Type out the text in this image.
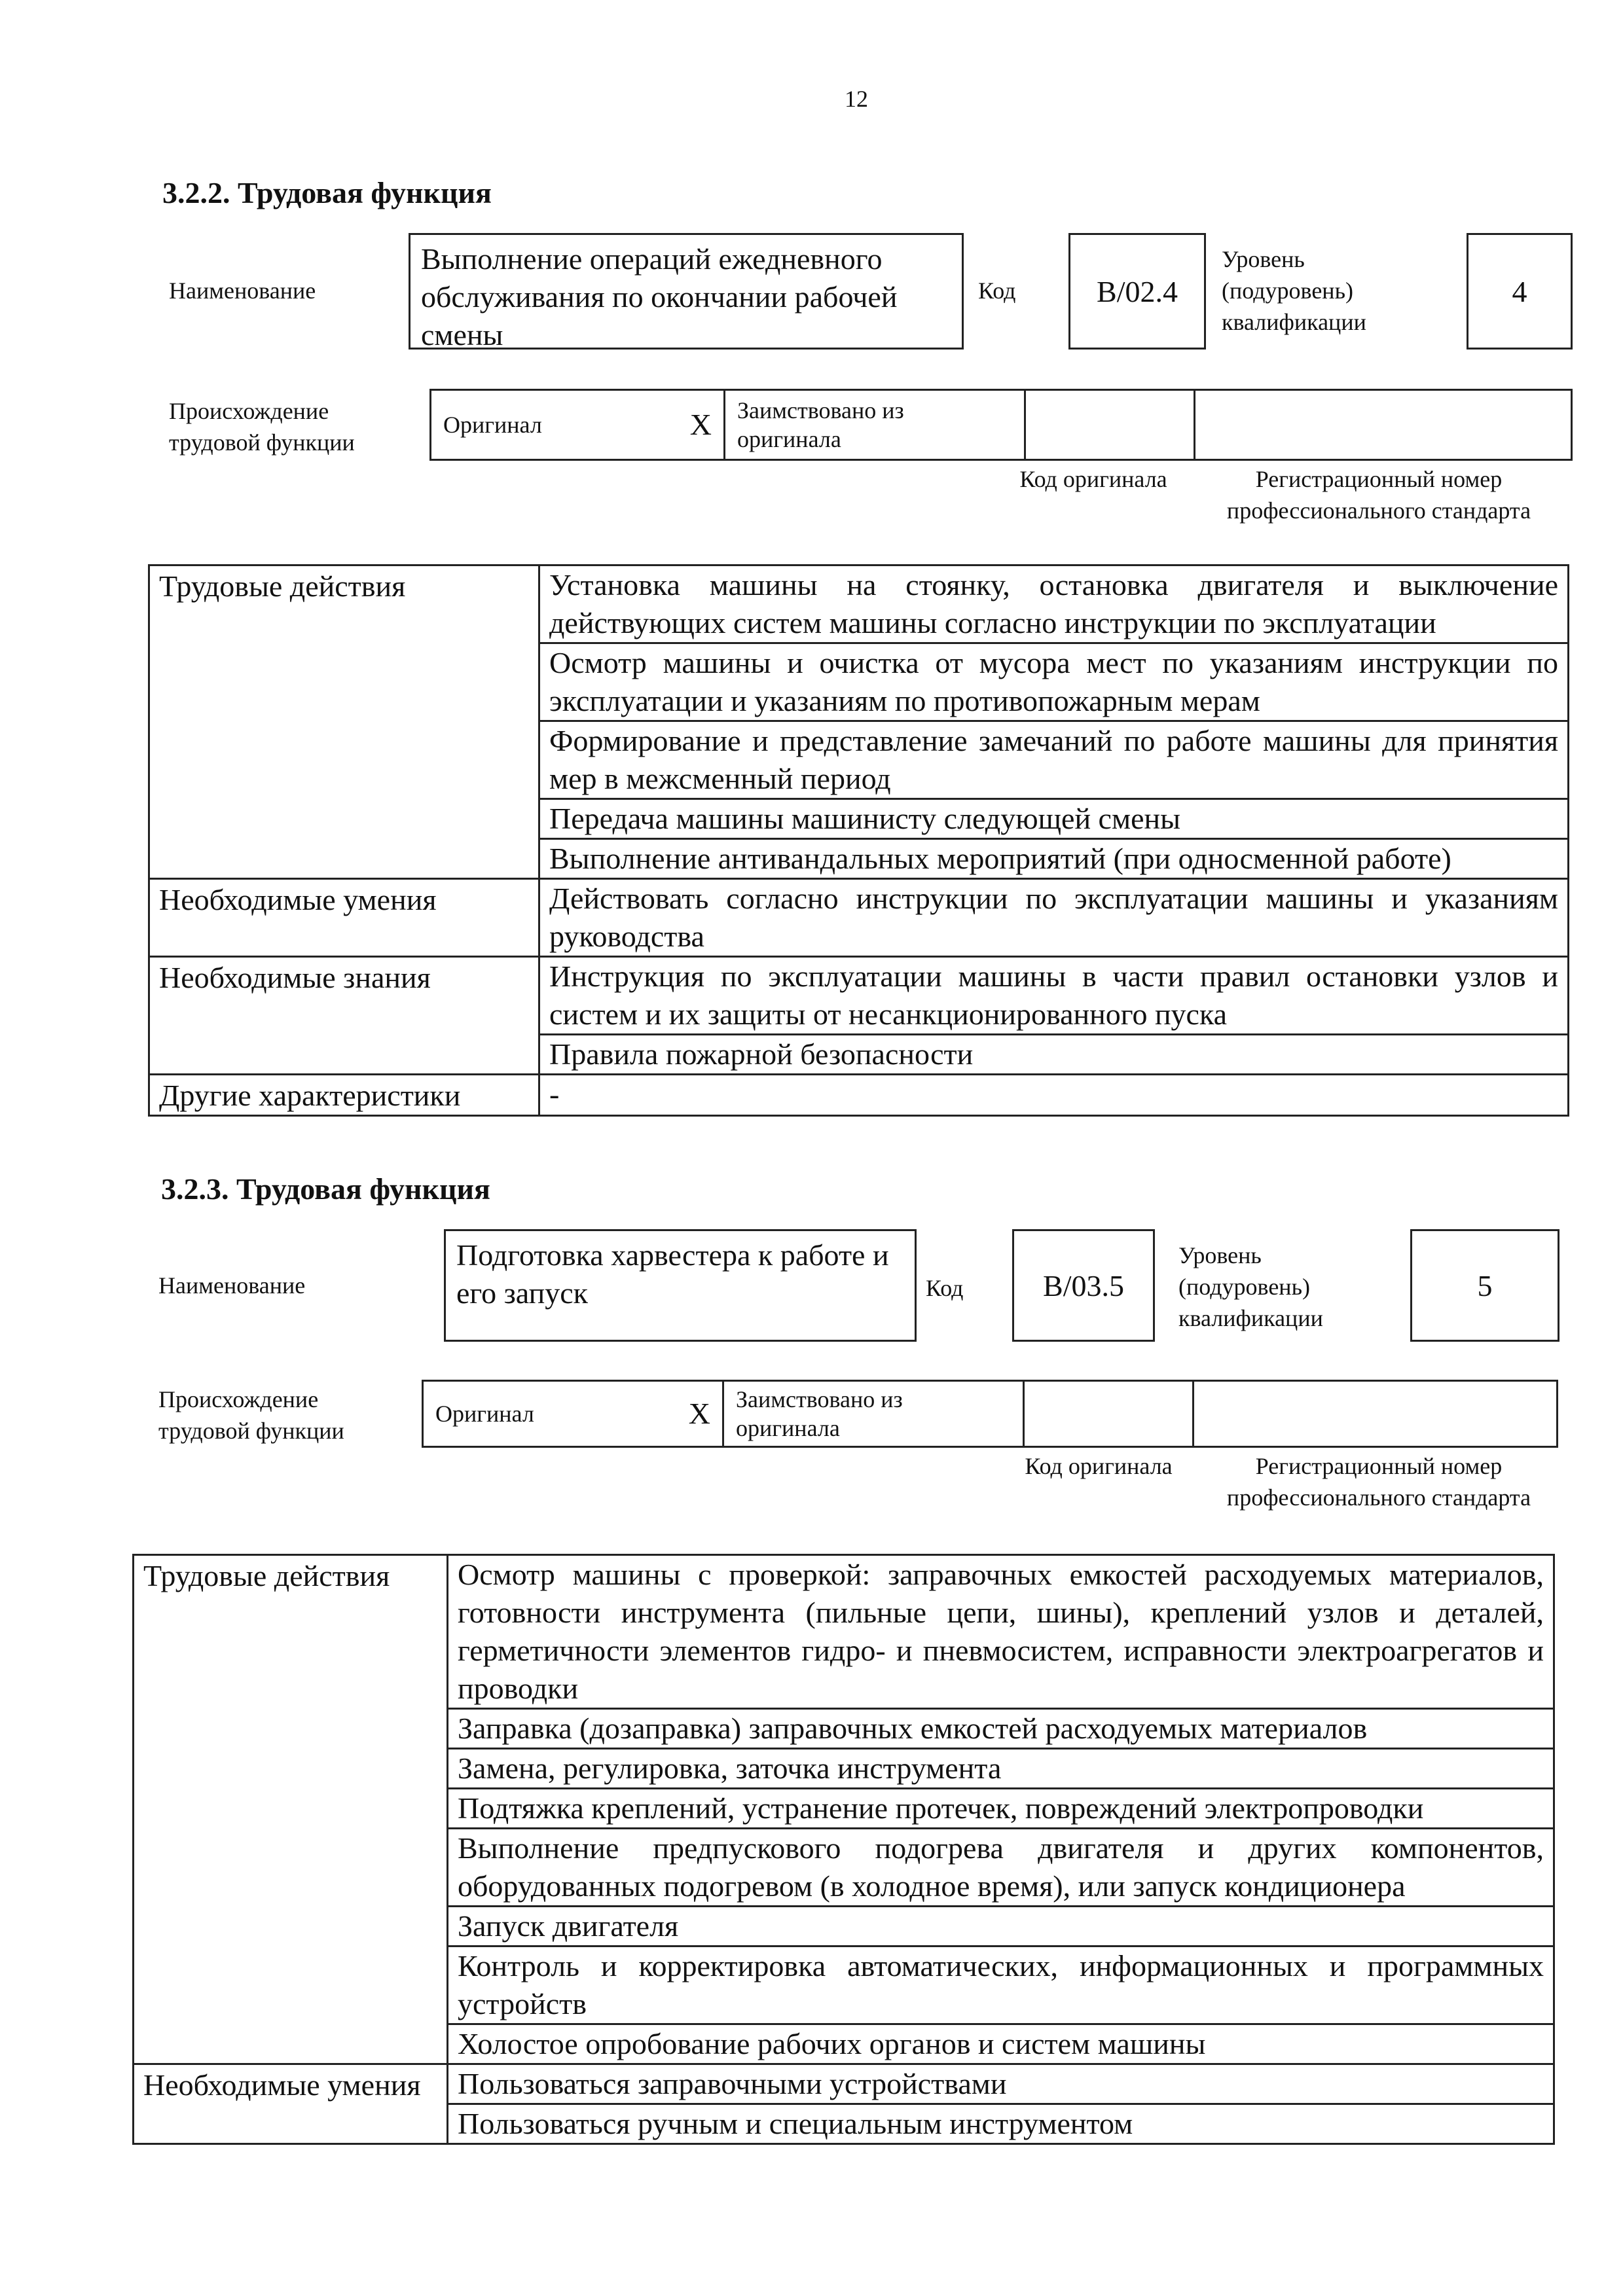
12
3.2.2. Трудовая функция
Наименование
Выполнение операций ежедневного обслуживания по окончании рабочей смены
Код	B/02.4
Уровень (подуровень) квалификации
4
Происхождение трудовой функции
Оригинал	X	Заимствовано из оригинала		
Код оригинала	Регистрационный номер профессионального стандарта
Трудовые действия	Установка машины на стоянку, остановка двигателя и выключение действующих систем машины согласно инструкции по эксплуатации
	Осмотр машины и очистка от мусора мест по указаниям инструкции по эксплуатации и указаниям по противопожарным мерам
	Формирование и представление замечаний по работе машины для принятия мер в межсменный период
	Передача машины машинисту следующей смены
	Выполнение антивандальных мероприятий (при односменной работе)
Необходимые умения	Действовать согласно инструкции по эксплуатации машины и указаниям руководства
Необходимые знания	Инструкция по эксплуатации машины в части правил остановки узлов и систем и их защиты от несанкционированного пуска
	Правила пожарной безопасности
Другие характеристики	-
3.2.3. Трудовая функция
Наименование
Подготовка харвестера к работе и его запуск	Код	B/03.5
Уровень (подуровень) квалификации
5
Происхождение трудовой функции
Оригинал	X	Заимствовано из оригинала		
Код оригинала	Регистрационный номер профессионального стандарта
Трудовые действия	Осмотр машины с проверкой: заправочных емкостей расходуемых материалов, готовности инструмента (пильные цепи, шины), креплений узлов и деталей, герметичности элементов гидро- и пневмосистем, исправности электроагрегатов и проводки
	Заправка (дозаправка) заправочных емкостей расходуемых материалов
	Замена, регулировка, заточка инструмента
	Подтяжка креплений, устранение протечек, повреждений электропроводки
	Выполнение предпускового подогрева двигателя и других компонентов, оборудованных подогревом (в холодное время), или запуск кондиционера
	Запуск двигателя
	Контроль и корректировка автоматических, информационных и программных устройств
	Холостое опробование рабочих органов и систем машины
Необходимые умения	Пользоваться заправочными устройствами
	Пользоваться ручным и специальным инструментом
